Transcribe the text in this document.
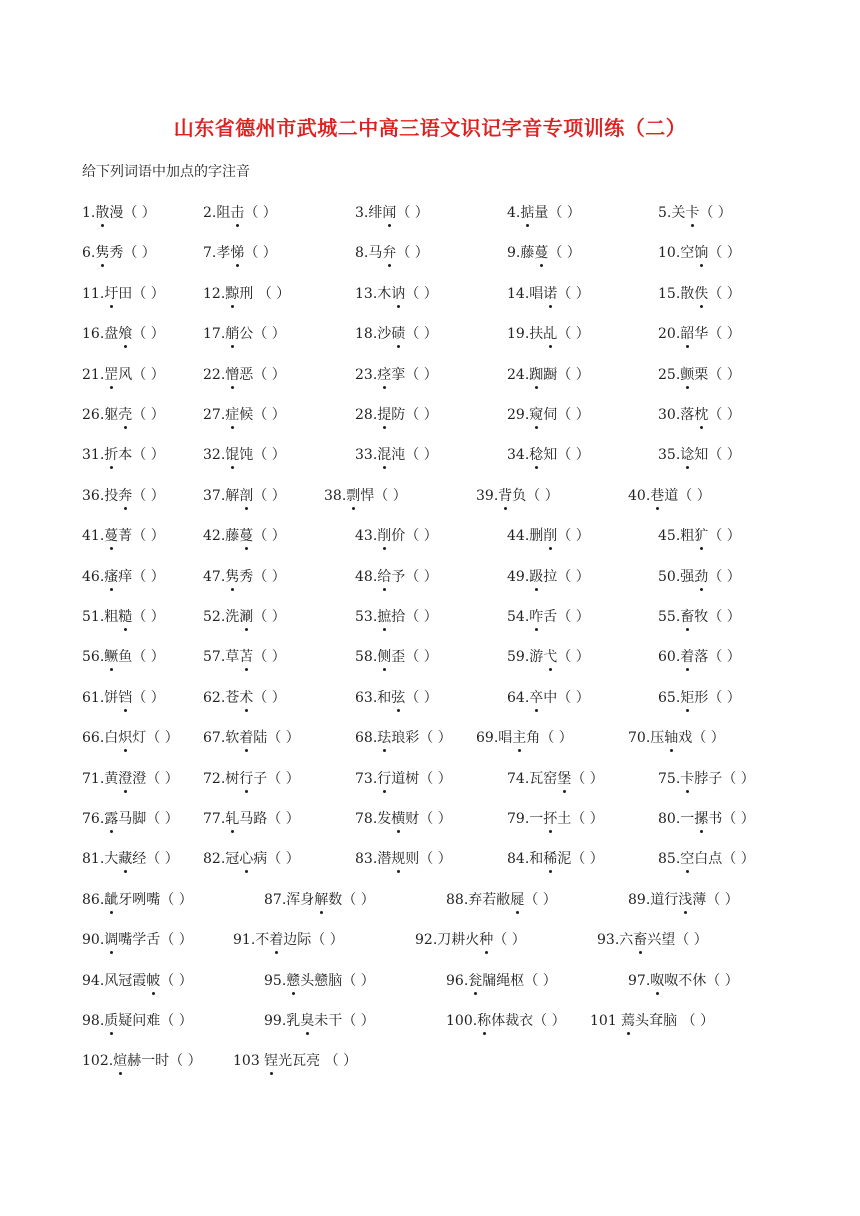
山东省德州市武城二中高三语文识记字音专项训练（二）
给下列词语中加点的字注音
1.散漫（ ）	2.阻击（ ）	3.绯闻（ ）	4.掂量（ ）	5.关卡（ ）
6.隽秀（ ）	7.孝悌（ ）	8.马弁（ ）	9.藤蔓（ ）	10.空饷（ ）
11.圩田（ ）	12.黥刑 （ ）	13.木讷（ ）	14.唱诺（ ）	15.散佚（ ）
16.盘飧（ ）	17.艄公（ ）	18.沙碛（ ）	19.扶乩（ ）	20.韶华（ ）
21.罡风（ ）	22.憎恶（ ）	23.痉挛（ ）	24.踟蹰（ ）	25.颤栗（ ）
26.躯壳（ ）	27.症候（ ）	28.提防（ ）	29.窥伺（ ）	30.落枕（ ）
31.折本（ ）	32.馄饨（ ）	33.混沌（ ）	34.稔知（ ）	35.谂知（ ）
36.投奔（ ）	37.解剖（ ）	38.剽悍（ ）	39.背负（ ）	40.巷道（ ）
41.蔓菁（ ）	42.藤蔓（ ）	43.削价（ ）	44.删削（ ）	45.粗犷（ ）
46.瘙痒（ ）	47.隽秀（ ）	48.给予（ ）	49.趿拉（ ）	50.强劲（ ）
51.粗糙（ ）	52.洗涮（ ）	53.摭拾（ ）	54.咋舌（ ）	55.畜牧（ ）
56.鳜鱼（ ）	57.草苫（ ）	58.侧歪（ ）	59.游弋（ ）	60.着落（ ）
61.饼铛（ ）	62.苍术（ ）	63.和弦（ ）	64.卒中（ ）	65.矩形（ ）
66.白炽灯（ ） 67.软着陆（ ）	68.珐琅彩（ ） 69.唱主角（ ）	70.压轴戏（ ）
71.黄澄澄（ ） 72.树行子（ ）	73.行道树（ ）	74.瓦窑堡（ ）	75.卡脖子（ ）
76.露马脚（ ） 77.轧马路（ ）	78.发横财（ ）	79.一抔土（ ）	80.一摞书（ ）
81.大藏经（ ） 82.冠心病（ ）	83.潜规则（ ）	84.和稀泥（ ）	85.空白点（ ）
86.龇牙咧嘴（ ）	87.浑身解数（ ）	88.弃若敝屣（ ）	89.道行浅薄（ ）
90.调嘴学舌（ ）	91.不着边际（ ）	92.刀耕火种（ ）	93.六畜兴望（ ）
94.风冠霞帔（ ）	95.戆头戆脑（ ）	96.瓮牖绳枢（ ）	97.呶呶不休（ ）
98.质疑问难（ ）	99.乳臭未干（ ）	100.称体裁衣（ ） 101 蔫头耷脑 （ ）
102.煊赫一时（ ） 103 锃光瓦亮 （ ）
